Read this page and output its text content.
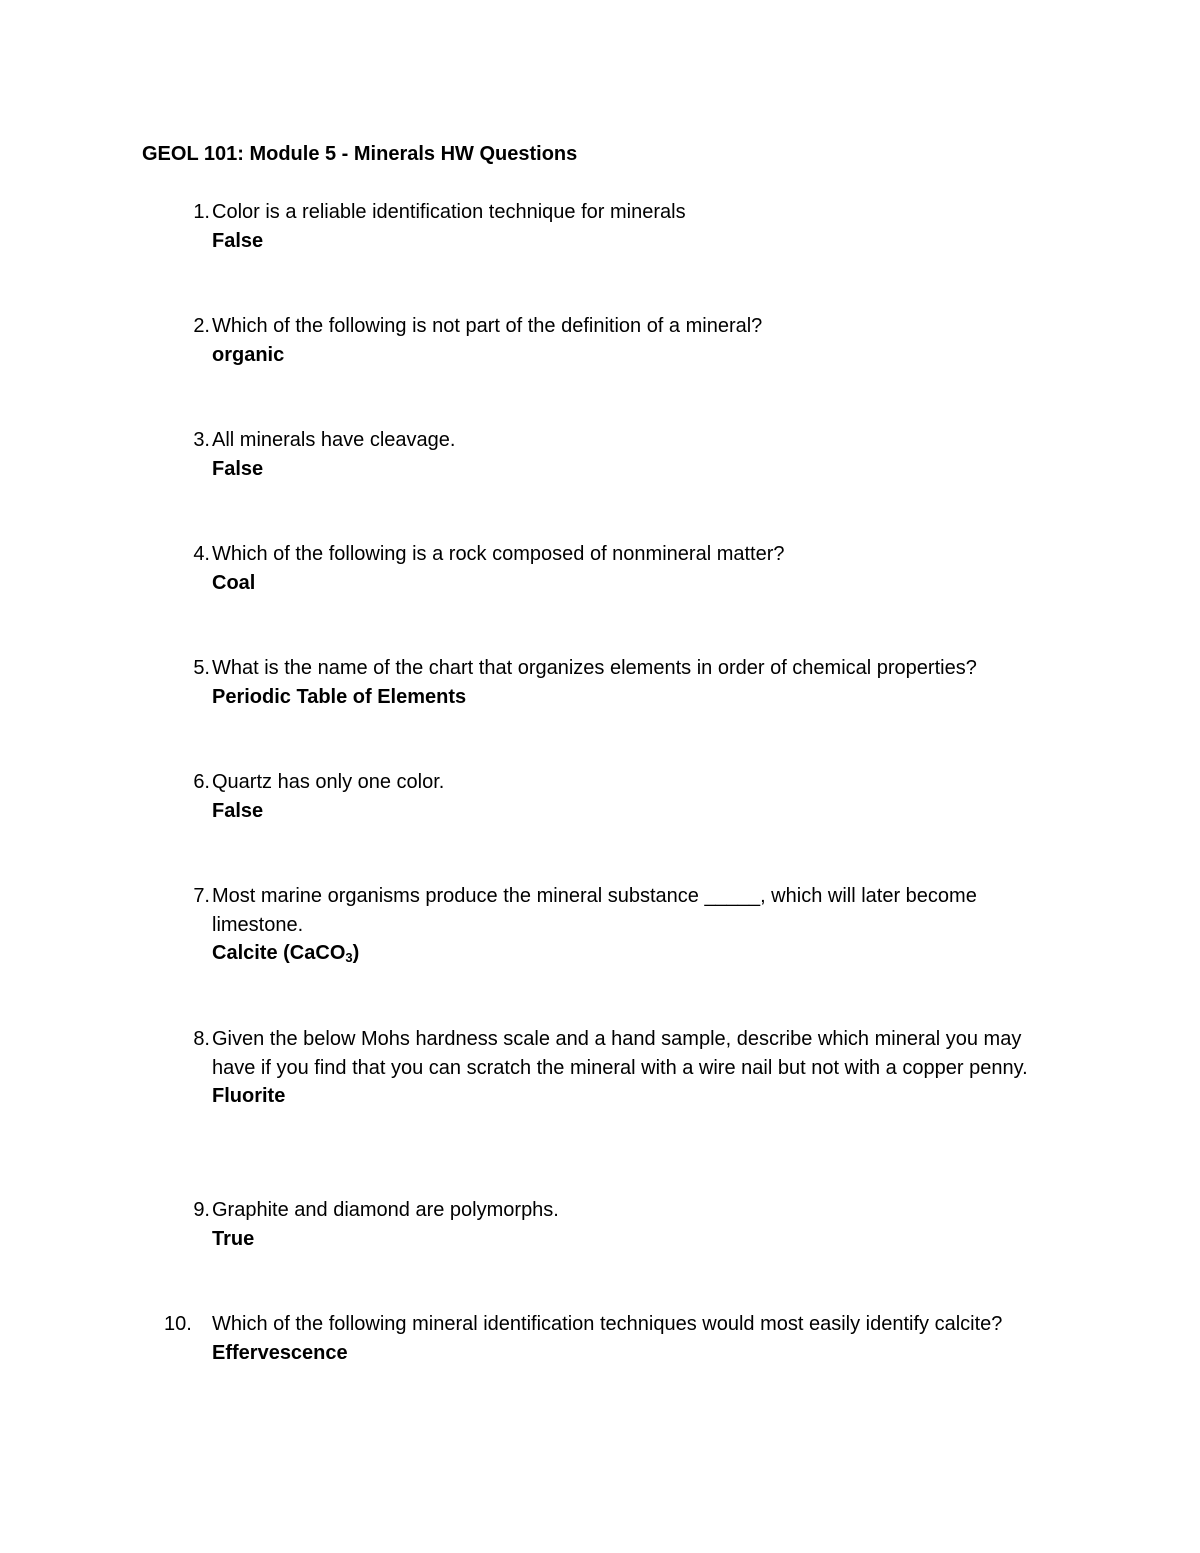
GEOL 101: Module 5 - Minerals HW Questions
1. Color is a reliable identification technique for minerals
False
2. Which of the following is not part of the definition of a mineral?
organic
3. All minerals have cleavage.
False
4. Which of the following is a rock composed of nonmineral matter?
Coal
5. What is the name of the chart that organizes elements in order of chemical properties?
Periodic Table of Elements
6. Quartz has only one color.
False
7. Most marine organisms produce the mineral substance _____, which will later become limestone.
Calcite (CaCO$_3$)
8. Given the below Mohs hardness scale and a hand sample, describe which mineral you may have if you find that you can scratch the mineral with a wire nail but not with a copper penny.
Fluorite
9. Graphite and diamond are polymorphs.
True
10.	Which of the following mineral identification techniques would most easily identify calcite?
Effervescence
